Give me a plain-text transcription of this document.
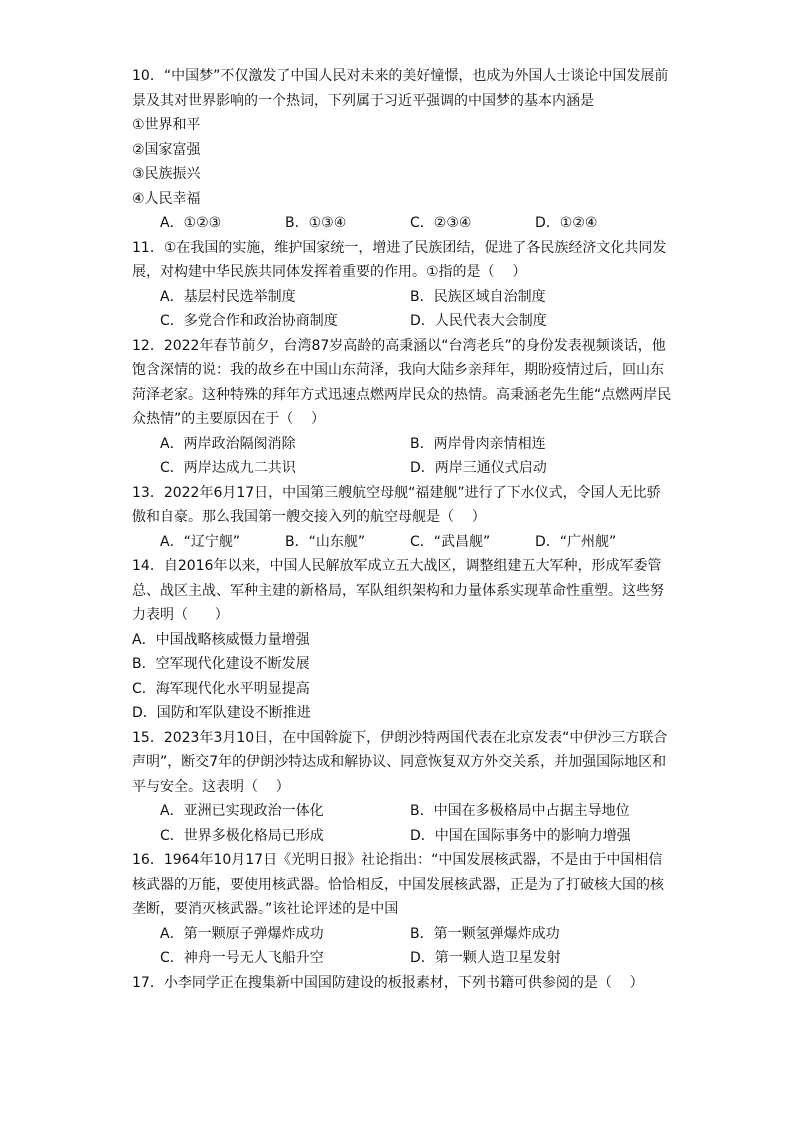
10．“中国梦”不仅激发了中国人民对未来的美好憧憬，也成为外国人士谈论中国发展前景及其对世界影响的一个热词，下列属于习近平强调的中国梦的基本内涵是
①世界和平
②国家富强
③民族振兴
④人民幸福
A．①②③	B．①③④	C．②③④	D．①②④
11．①在我国的实施，维护国家统一，增进了民族团结，促进了各民族经济文化共同发展，对构建中华民族共同体发挥着重要的作用。①指的是（    ）
A．基层村民选举制度	B．民族区域自治制度
C．多党合作和政治协商制度	D．人民代表大会制度
12．2022年春节前夕，台湾87岁高龄的高秉涵以“台湾老兵”的身份发表视频谈话，他饱含深情的说：我的故乡在中国山东菏泽，我向大陆乡亲拜年，期盼疫情过后，回山东菏泽老家。这种特殊的拜年方式迅速点燃两岸民众的热情。高秉涵老先生能“点燃两岸民众热情”的主要原因在于（    ）
A．两岸政治隔阂消除	B．两岸骨肉亲情相连
C．两岸达成九二共识	D．两岸三通仪式启动
13．2022年6月17日，中国第三艘航空母舰“福建舰”进行了下水仪式，令国人无比骄傲和自豪。那么我国第一艘交接入列的航空母舰是（    ）
A．“辽宁舰”	B．“山东舰”	C．“武昌舰”	D．“广州舰”
14．自2016年以来，中国人民解放军成立五大战区，调整组建五大军种，形成军委管总、战区主战、军种主建的新格局，军队组织架构和力量体系实现革命性重塑。这些努力表明（      ）
A．中国战略核威慑力量增强
B．空军现代化建设不断发展
C．海军现代化水平明显提高
D．国防和军队建设不断推进
15．2023年3月10日，在中国斡旋下，伊朗沙特两国代表在北京发表“中伊沙三方联合声明”，断交7年的伊朗沙特达成和解协议、同意恢复双方外交关系，并加强国际地区和平与安全。这表明（    ）
A．亚洲已实现政治一体化	B．中国在多极格局中占据主导地位
C．世界多极化格局已形成	D．中国在国际事务中的影响力增强
16．1964年10月17日《光明日报》社论指出：“中国发展核武器，不是由于中国相信核武器的万能，要使用核武器。恰恰相反，中国发展核武器，正是为了打破核大国的核垄断，要消灭核武器。”该社论评述的是中国
A．第一颗原子弹爆炸成功	B．第一颗氢弹爆炸成功
C．神舟一号无人飞船升空	D．第一颗人造卫星发射
17．小李同学正在搜集新中国国防建设的板报素材，下列书籍可供参阅的是（    ）
